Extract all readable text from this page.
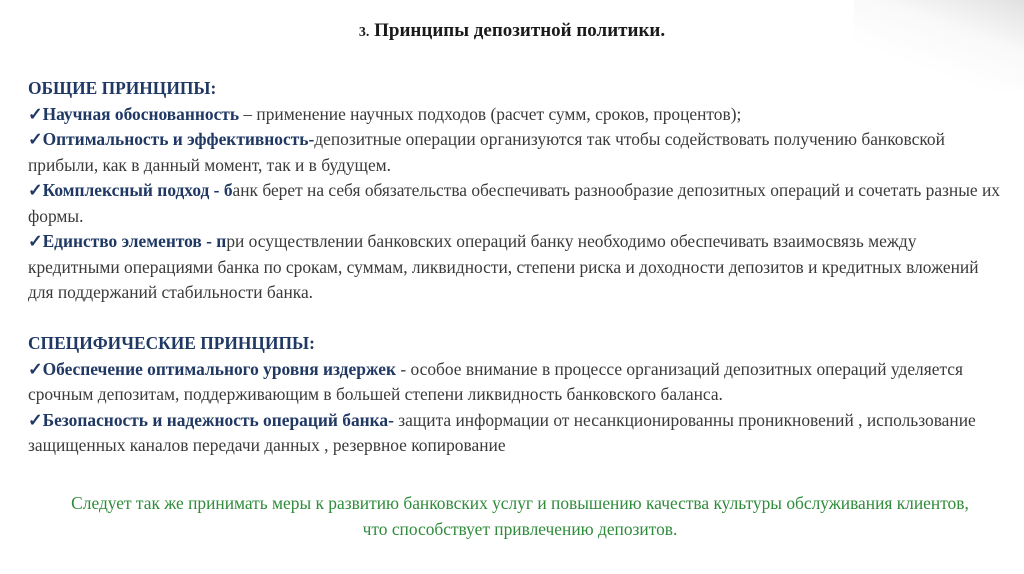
3. Принципы депозитной политики.
ОБЩИЕ ПРИНЦИПЫ:

✓Научная обоснованность – применение научных подходов (расчет сумм, сроков, процентов);

✓Оптимальность и эффективность-депозитные операции организуются так чтобы содействовать получению банковской прибыли, как в данный момент, так и в будущем.

✓Комплексный подход - банк берет на себя обязательства обеспечивать разнообразие депозитных операций и сочетать разные их формы.

✓Единство элементов - при осуществлении банковских операций банку необходимо обеспечивать взаимосвязь между кредитными операциями банка по срокам, суммам, ликвидности, степени риска и доходности депозитов и кредитных вложений для поддержаний стабильности банка.

СПЕЦИФИЧЕСКИЕ ПРИНЦИПЫ:

✓Обеспечение оптимального уровня издержек - особое внимание в процессе организаций депозитных операций уделяется срочным депозитам, поддерживающим в большей степени ликвидность банковского баланса.

✓Безопасность и надежность операций банка- защита информации от несанкционированны проникновений , использование защищенных каналов передачи данных , резервное копирование

Следует так же принимать меры к развитию банковских услуг и повышению качества культуры обслуживания клиентов, что способствует привлечению депозитов.
